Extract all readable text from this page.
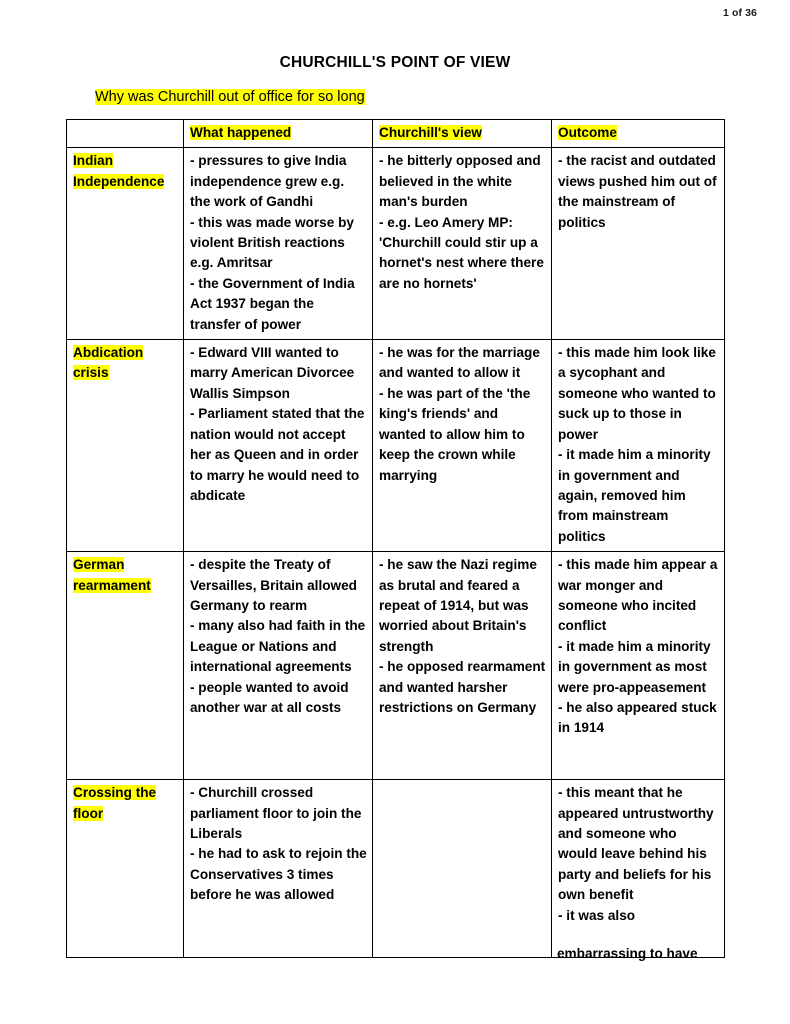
1 of 36
CHURCHILL'S POINT OF VIEW
Why was Churchill out of office for so long
	What happened	Churchill's view	Outcome
Indian Independence	- pressures to give India independence grew e.g. the work of Gandhi
- this was made worse by violent British reactions e.g. Amritsar
- the Government of India Act 1937 began the transfer of power	- he bitterly opposed and believed in the white man's burden
- e.g. Leo Amery MP: 'Churchill could stir up a hornet's nest where there are no hornets'	- the racist and outdated views pushed him out of the mainstream of politics
Abdication crisis	- Edward VIII wanted to marry American Divorcee Wallis Simpson
- Parliament stated that the nation would not accept her as Queen and in order to marry he would need to abdicate	- he was for the marriage and wanted to allow it
- he was part of the 'the king's friends' and wanted to allow him to keep the crown while marrying	- this made him look like a sycophant and someone who wanted to suck up to those in power
- it made him a minority in government and again, removed him from mainstream politics

German rearmament	- despite the Treaty of Versailles, Britain allowed Germany to rearm
- many also had faith in the League or Nations and international agreements
- people wanted to avoid another war at all costs	- he saw the Nazi regime as brutal and feared a repeat of 1914, but was worried about Britain's strength
- he opposed rearmament and wanted harsher restrictions on Germany	- this made him appear a war monger and someone who incited conflict
- it made him a minority in government as most were pro-appeasement
- he also appeared stuck in 1914

Crossing the floor	- Churchill crossed parliament floor to join the Liberals
- he had to ask to rejoin the Conservatives 3 times before he was allowed		- this meant that he appeared untrustworthy and someone who would leave behind his party and beliefs for his own benefit
- it was also
embarrassing to have
